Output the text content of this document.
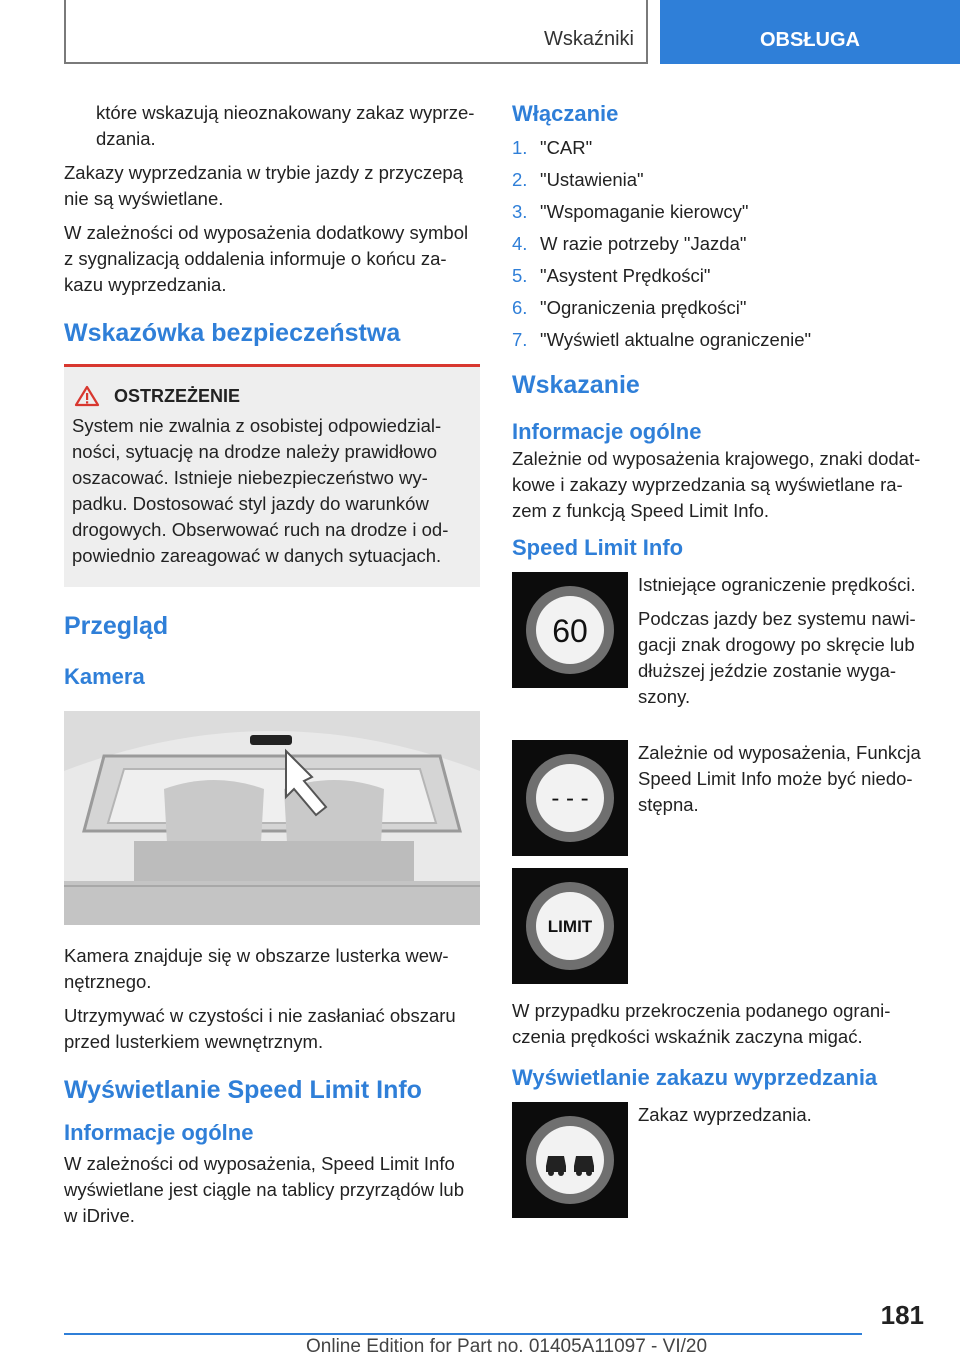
Wskaźniki	OBSŁUGA

które wskazują nieoznakowany zakaz wyprze-dzania.

Zakazy wyprzedzania w trybie jazdy z przyczepą nie są wyświetlane.

W zależności od wyposażenia dodatkowy symbol z sygnalizacją oddalenia informuje o końcu za-kazu wyprzedzania.

Wskazówka bezpieczeństwa
OSTRZEŻENIE

System nie zwalnia z osobistej odpowiedzial-ności, sytuację na drodze należy prawidłowo oszacować. Istnieje niebezpieczeństwo wy-padku. Dostosować styl jazdy do warunków drogowych. Obserwować ruch na drodze i od-powiednio zareagować w danych sytuacjach.

Przegląd
Kamera

Kamera znajduje się w obszarze lusterka wew-nętrznego.

Utrzymywać w czystości i nie zasłaniać obszaru przed lusterkiem wewnętrznym.

Wyświetlanie Speed Limit Info
Informacje ogólne

W zależności od wyposażenia, Speed Limit Info wyświetlane jest ciągle na tablicy przyrządów lub w iDrive.

Włączanie
1. "CAR"
2. "Ustawienia"
3. "Wspomaganie kierowcy"
4. W razie potrzeby "Jazda"
5. "Asystent Prędkości"
6. "Ograniczenia prędkości"
7. "Wyświetl aktualne ograniczenie"
Wskazanie
Informacje ogólne

Zależnie od wyposażenia krajowego, znaki dodat-kowe i zakazy wyprzedzania są wyświetlane ra-zem z funkcją Speed Limit Info.

Speed Limit Info
60

Istniejące ograniczenie prędkości.

Podczas jazdy bez systemu nawi-gacji znak drogowy po skręcie lub dłuższej jeździe zostanie wyga-szony.

- - -

Zależnie od wyposażenia, Funkcja Speed Limit Info może być niedo-stępna.

LIMIT

W przypadku przekroczenia podanego ograni-czenia prędkości wskaźnik zaczyna migać.

Wyświetlanie zakazu wyprzedzania

Zakaz wyprzedzania.

181
Online Edition for Part no. 01405A11097 - VI/20
